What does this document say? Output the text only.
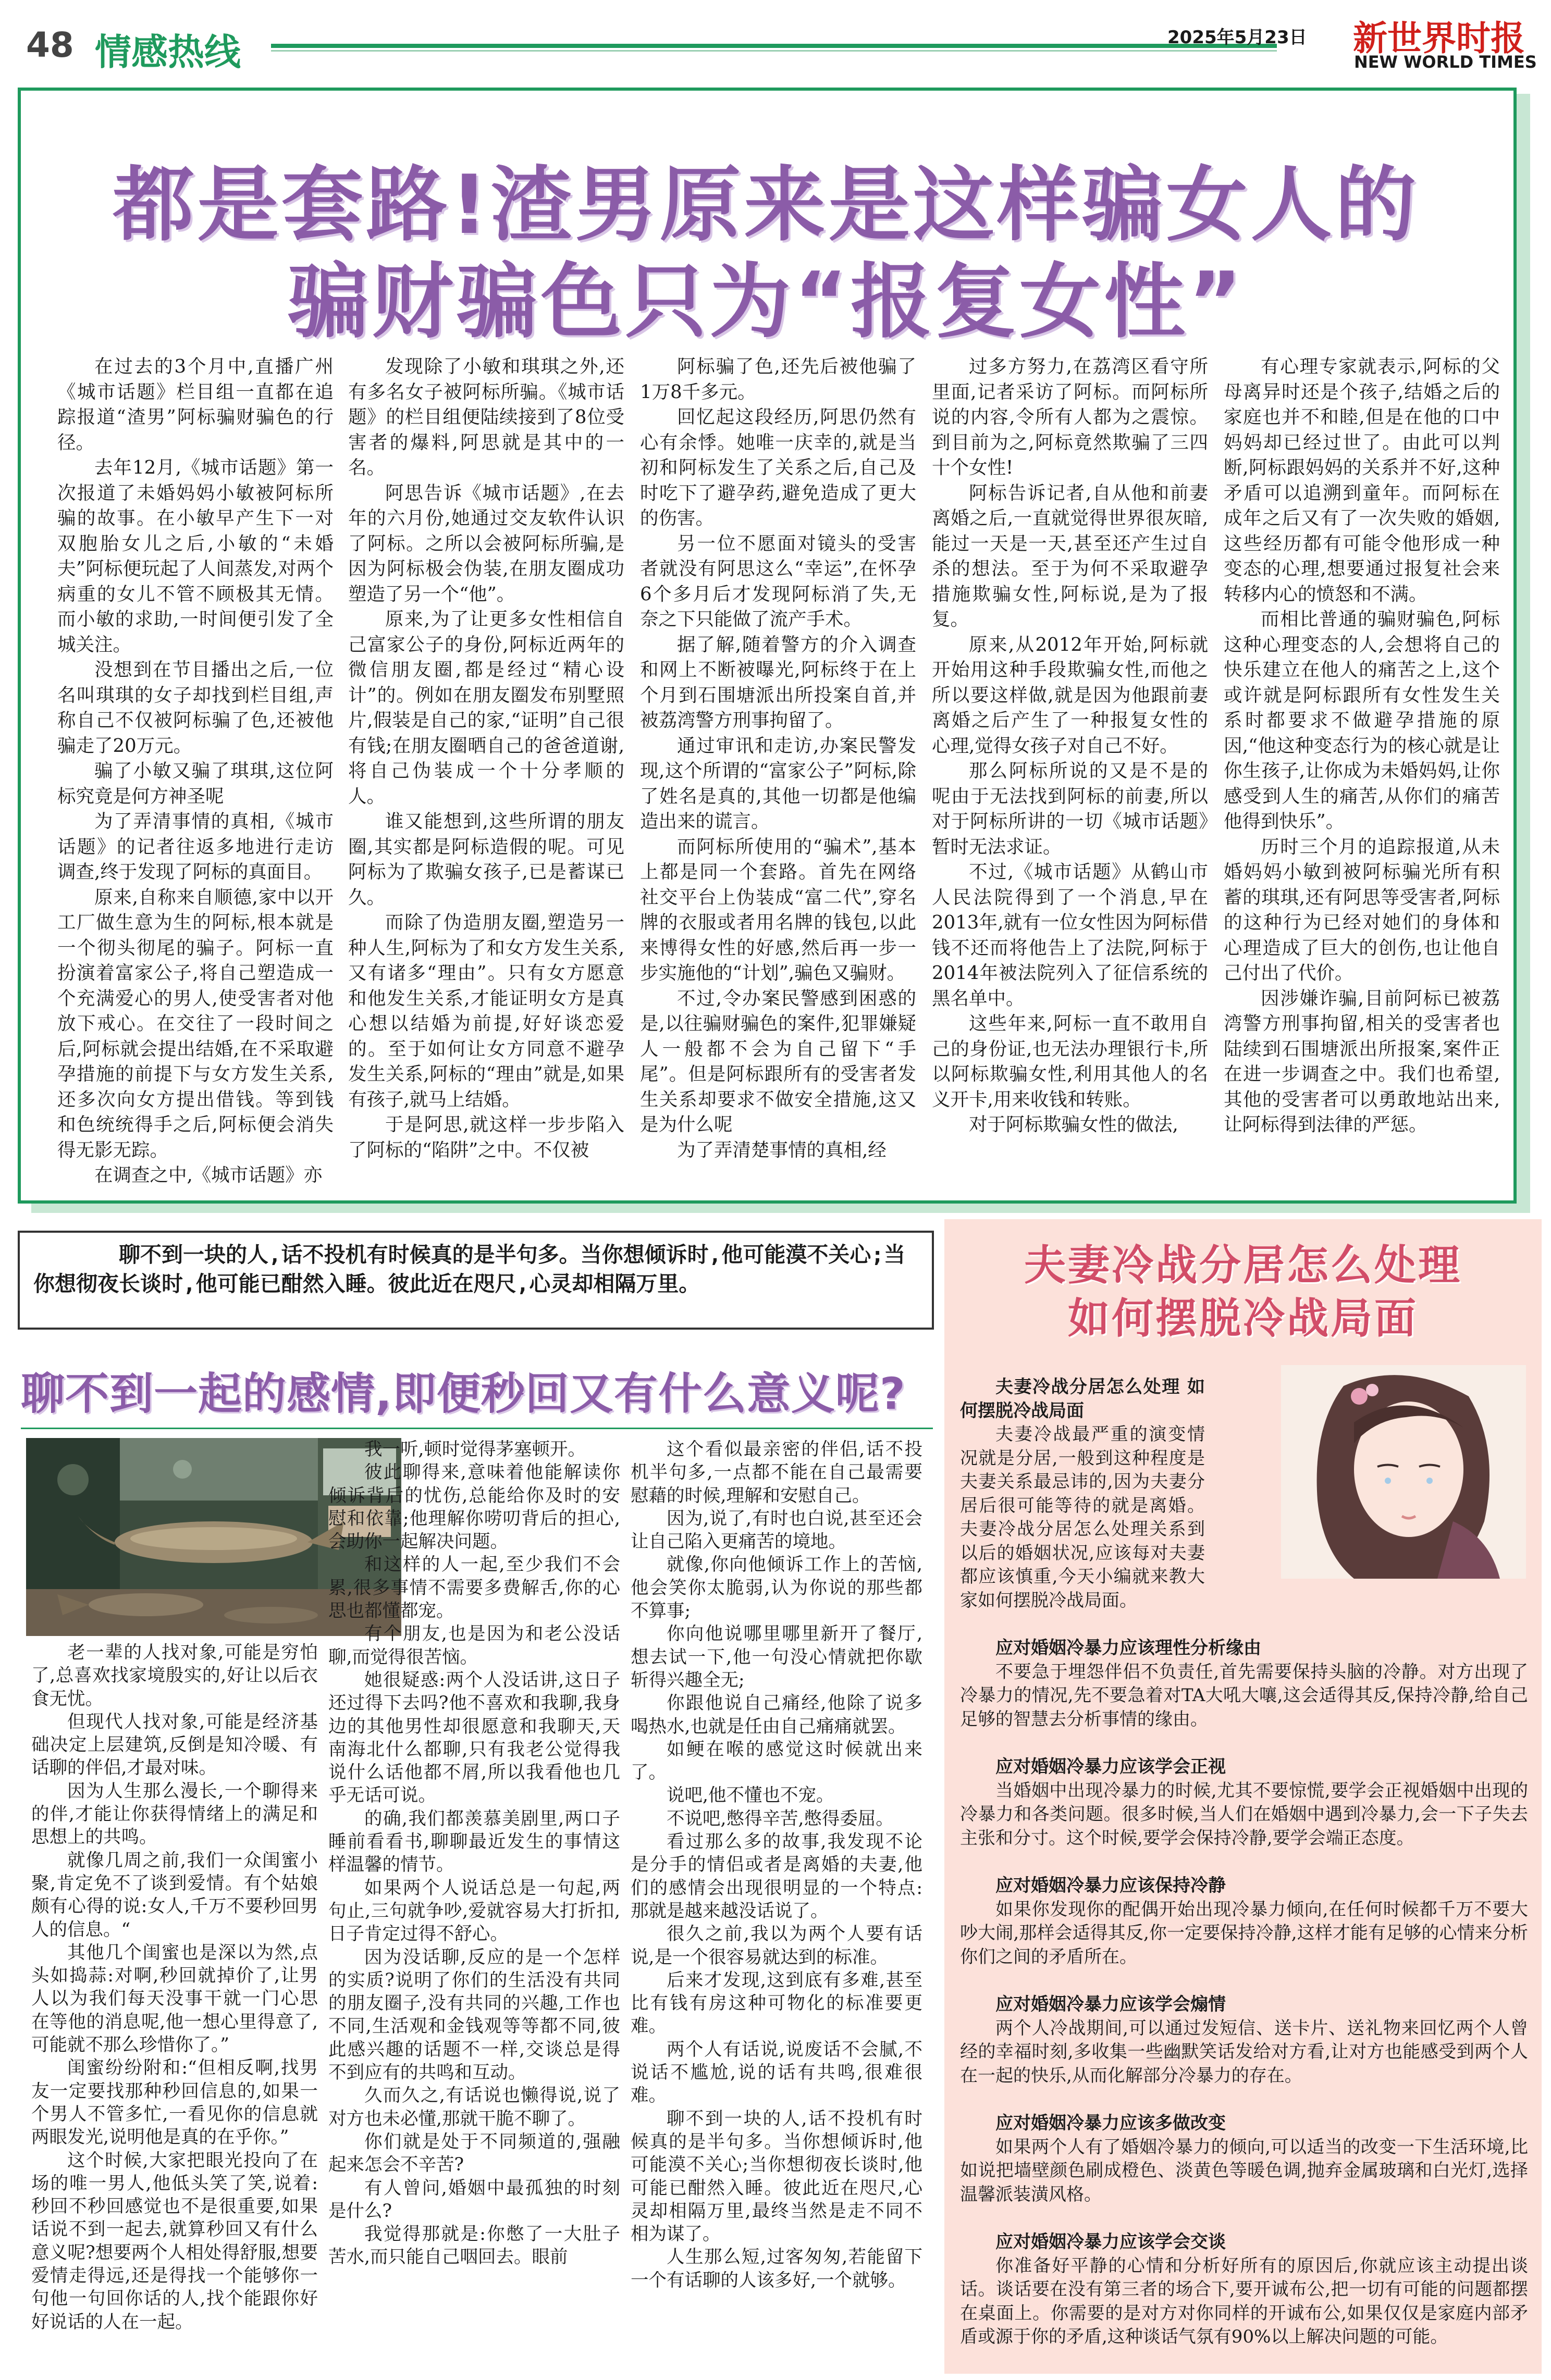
48 情感热线	2025年5月23日 新世界时报
NEW WORLD TIMES
都是套路!渣男原来是这样骗女人的
骗财骗色只为“报复女性”

在过去的3个月中,直播广州《城市话题》栏目组一直都在追踪报道“渣男”阿标骗财骗色的行径。

去年12月,《城市话题》第一次报道了未婚妈妈小敏被阿标所骗的故事。在小敏早产生下一对双胞胎女儿之后,小敏的“未婚夫”阿标便玩起了人间蒸发,对两个病重的女儿不管不顾极其无情。而小敏的求助,一时间便引发了全城关注。

没想到在节目播出之后,一位名叫琪琪的女子却找到栏目组,声称自己不仅被阿标骗了色,还被他骗走了20万元。

骗了小敏又骗了琪琪,这位阿标究竟是何方神圣呢

为了弄清事情的真相,《城市话题》的记者往返多地进行走访调查,终于发现了阿标的真面目。

原来,自称来自顺德,家中以开工厂做生意为生的阿标,根本就是一个彻头彻尾的骗子。阿标一直扮演着富家公子,将自己塑造成一个充满爱心的男人,使受害者对他放下戒心。在交往了一段时间之后,阿标就会提出结婚,在不采取避孕措施的前提下与女方发生关系,还多次向女方提出借钱。等到钱和色统统得手之后,阿标便会消失得无影无踪。

在调查之中,《城市话题》亦

发现除了小敏和琪琪之外,还有多名女子被阿标所骗。《城市话题》的栏目组便陆续接到了8位受害者的爆料,阿思就是其中的一名。

阿思告诉《城市话题》,在去年的六月份,她通过交友软件认识了阿标。之所以会被阿标所骗,是因为阿标极会伪装,在朋友圈成功塑造了另一个“他”。

原来,为了让更多女性相信自己富家公子的身份,阿标近两年的微信朋友圈,都是经过“精心设计”的。例如在朋友圈发布别墅照片,假装是自己的家,“证明”自己很有钱;在朋友圈晒自己的爸爸道谢,将自己伪装成一个十分孝顺的人。

谁又能想到,这些所谓的朋友圈,其实都是阿标造假的呢。可见阿标为了欺骗女孩子,已是蓄谋已久。

而除了伪造朋友圈,塑造另一种人生,阿标为了和女方发生关系,又有诸多“理由”。只有女方愿意和他发生关系,才能证明女方是真心想以结婚为前提,好好谈恋爱的。至于如何让女方同意不避孕发生关系,阿标的“理由”就是,如果有孩子,就马上结婚。

于是阿思,就这样一步步陷入了阿标的“陷阱”之中。不仅被

阿标骗了色,还先后被他骗了1万8千多元。

回忆起这段经历,阿思仍然有心有余悸。她唯一庆幸的,就是当初和阿标发生了关系之后,自己及时吃下了避孕药,避免造成了更大的伤害。

另一位不愿面对镜头的受害者就没有阿思这么“幸运”,在怀孕6个多月后才发现阿标消了失,无奈之下只能做了流产手术。

据了解,随着警方的介入调查和网上不断被曝光,阿标终于在上个月到石围塘派出所投案自首,并被荔湾警方刑事拘留了。

通过审讯和走访,办案民警发现,这个所谓的“富家公子”阿标,除了姓名是真的,其他一切都是他编造出来的谎言。

而阿标所使用的“骗术”,基本上都是同一个套路。首先在网络社交平台上伪装成“富二代”,穿名牌的衣服或者用名牌的钱包,以此来博得女性的好感,然后再一步一步实施他的“计划”,骗色又骗财。

不过,令办案民警感到困惑的是,以往骗财骗色的案件,犯罪嫌疑人一般都不会为自己留下“手尾”。但是阿标跟所有的受害者发生关系却要求不做安全措施,这又是为什么呢

为了弄清楚事情的真相,经

过多方努力,在荔湾区看守所里面,记者采访了阿标。而阿标所说的内容,令所有人都为之震惊。到目前为之,阿标竟然欺骗了三四十个女性!

阿标告诉记者,自从他和前妻离婚之后,一直就觉得世界很灰暗,能过一天是一天,甚至还产生过自杀的想法。至于为何不采取避孕措施欺骗女性,阿标说,是为了报复。

原来,从2012年开始,阿标就开始用这种手段欺骗女性,而他之所以要这样做,就是因为他跟前妻离婚之后产生了一种报复女性的心理,觉得女孩子对自己不好。

那么阿标所说的又是不是的呢由于无法找到阿标的前妻,所以对于阿标所讲的一切《城市话题》暂时无法求证。

不过,《城市话题》从鹤山市人民法院得到了一个消息,早在2013年,就有一位女性因为阿标借钱不还而将他告上了法院,阿标于2014年被法院列入了征信系统的黑名单中。

这些年来,阿标一直不敢用自己的身份证,也无法办理银行卡,所以阿标欺骗女性,利用其他人的名义开卡,用来收钱和转账。

对于阿标欺骗女性的做法,

有心理专家就表示,阿标的父母离异时还是个孩子,结婚之后的家庭也并不和睦,但是在他的口中妈妈却已经过世了。由此可以判断,阿标跟妈妈的关系并不好,这种矛盾可以追溯到童年。而阿标在成年之后又有了一次失败的婚姻,这些经历都有可能令他形成一种变态的心理,想要通过报复社会来转移内心的愤怒和不满。

而相比普通的骗财骗色,阿标这种心理变态的人,会想将自己的快乐建立在他人的痛苦之上,这个或许就是阿标跟所有女性发生关系时都要求不做避孕措施的原因,“他这种变态行为的核心就是让你生孩子,让你成为未婚妈妈,让你感受到人生的痛苦,从你们的痛苦他得到快乐”。

历时三个月的追踪报道,从未婚妈妈小敏到被阿标骗光所有积蓄的琪琪,还有阿思等受害者,阿标的这种行为已经对她们的身体和心理造成了巨大的创伤,也让他自己付出了代价。

因涉嫌诈骗,目前阿标已被荔湾警方刑事拘留,相关的受害者也陆续到石围塘派出所报案,案件正在进一步调查之中。我们也希望,其他的受害者可以勇敢地站出来,让阿标得到法律的严惩。

聊不到一块的人,话不投机有时候真的是半句多。当你想倾诉时,他可能漠不关心;当你想彻夜长谈时,他可能已酣然入睡。彼此近在咫尺,心灵却相隔万里。
聊不到一起的感情,即便秒回又有什么意义呢?

老一辈的人找对象,可能是穷怕了,总喜欢找家境殷实的,好让以后衣食无忧。

但现代人找对象,可能是经济基础决定上层建筑,反倒是知冷暖、有话聊的伴侣,才最对味。

因为人生那么漫长,一个聊得来的伴,才能让你获得情绪上的满足和思想上的共鸣。

就像几周之前,我们一众闺蜜小聚,肯定免不了谈到爱情。有个姑娘颇有心得的说:女人,千万不要秒回男人的信息。“

其他几个闺蜜也是深以为然,点头如捣蒜:对啊,秒回就掉价了,让男人以为我们每天没事干就一门心思在等他的消息呢,他一想心里得意了,可能就不那么珍惜你了。”

闺蜜纷纷附和:“但相反啊,找男友一定要找那种秒回信息的,如果一个男人不管多忙,一看见你的信息就两眼发光,说明他是真的在乎你。”

这个时候,大家把眼光投向了在场的唯一男人,他低头笑了笑,说着:秒回不秒回感觉也不是很重要,如果话说不到一起去,就算秒回又有什么意义呢?想要两个人相处得舒服,想要爱情走得远,还是得找一个能够你一句他一句回你话的人,找个能跟你好好说话的人在一起。

我一听,顿时觉得茅塞顿开。

彼此聊得来,意味着他能解读你倾诉背后的忧伤,总能给你及时的安慰和依靠;他理解你唠叨背后的担心,会助你一起解决问题。

和这样的人一起,至少我们不会累,很多事情不需要多费解舌,你的心思也都懂都宠。

有个朋友,也是因为和老公没话聊,而觉得很苦恼。

她很疑惑:两个人没话讲,这日子还过得下去吗?他不喜欢和我聊,我身边的其他男性却很愿意和我聊天,天南海北什么都聊,只有我老公觉得我说什么话他都不屑,所以我看他也几乎无话可说。

的确,我们都羡慕美剧里,两口子睡前看看书,聊聊最近发生的事情这样温馨的情节。

如果两个人说话总是一句起,两句止,三句就争吵,爱就容易大打折扣,日子肯定过得不舒心。

因为没话聊,反应的是一个怎样的实质?说明了你们的生活没有共同的朋友圈子,没有共同的兴趣,工作也不同,生活观和金钱观等等都不同,彼此感兴趣的话题不一样,交谈总是得不到应有的共鸣和互动。

久而久之,有话说也懒得说,说了对方也未必懂,那就干脆不聊了。

你们就是处于不同频道的,强融起来怎会不辛苦?

有人曾问,婚姻中最孤独的时刻是什么?

我觉得那就是:你憋了一大肚子苦水,而只能自己咽回去。眼前

这个看似最亲密的伴侣,话不投机半句多,一点都不能在自己最需要慰藉的时候,理解和安慰自己。

因为,说了,有时也白说,甚至还会让自己陷入更痛苦的境地。

就像,你向他倾诉工作上的苦恼,他会笑你太脆弱,认为你说的那些都不算事;

你向他说哪里哪里新开了餐厅,想去试一下,他一句没心情就把你歇斩得兴趣全无;

你跟他说自己痛经,他除了说多喝热水,也就是任由自己痛痛就罢。

如鲠在喉的感觉这时候就出来了。

说吧,他不懂也不宠。

不说吧,憋得辛苦,憋得委屈。

看过那么多的故事,我发现不论是分手的情侣或者是离婚的夫妻,他们的感情会出现很明显的一个特点:那就是越来越没话说了。

很久之前,我以为两个人要有话说,是一个很容易就达到的标准。

后来才发现,这到底有多难,甚至比有钱有房这种可物化的标准要更难。

两个人有话说,说废话不会腻,不说话不尴尬,说的话有共鸣,很难很难。

聊不到一块的人,话不投机有时候真的是半句多。当你想倾诉时,他可能漠不关心;当你想彻夜长谈时,他可能已酣然入睡。彼此近在咫尺,心灵却相隔万里,最终当然是走不同不相为谋了。

人生那么短,过客匆匆,若能留下一个有话聊的人该多好,一个就够。

夫妻冷战分居怎么处理
如何摆脱冷战局面

夫妻冷战分居怎么处理 如何摆脱冷战局面

夫妻冷战最严重的演变情况就是分居,一般到这种程度是夫妻关系最忌讳的,因为夫妻分居后很可能等待的就是离婚。夫妻冷战分居怎么处理关系到以后的婚姻状况,应该每对夫妻都应该慎重,今天小编就来教大家如何摆脱冷战局面。

应对婚姻冷暴力应该理性分析缘由

不要急于埋怨伴侣不负责任,首先需要保持头脑的冷静。对方出现了冷暴力的情况,先不要急着对TA大吼大嚷,这会适得其反,保持冷静,给自己足够的智慧去分析事情的缘由。

应对婚姻冷暴力应该学会正视

当婚姻中出现冷暴力的时候,尤其不要惊慌,要学会正视婚姻中出现的冷暴力和各类问题。很多时候,当人们在婚姻中遇到冷暴力,会一下子失去主张和分寸。这个时候,要学会保持冷静,要学会端正态度。

应对婚姻冷暴力应该保持冷静

如果你发现你的配偶开始出现冷暴力倾向,在任何时候都千万不要大吵大闹,那样会适得其反,你一定要保持冷静,这样才能有足够的心情来分析你们之间的矛盾所在。

应对婚姻冷暴力应该学会煽情

两个人冷战期间,可以通过发短信、送卡片、送礼物来回忆两个人曾经的幸福时刻,多收集一些幽默笑话发给对方看,让对方也能感受到两个人在一起的快乐,从而化解部分冷暴力的存在。

应对婚姻冷暴力应该多做改变

如果两个人有了婚姻冷暴力的倾向,可以适当的改变一下生活环境,比如说把墙壁颜色刷成橙色、淡黄色等暖色调,抛弃金属玻璃和白光灯,选择温馨派装潢风格。

应对婚姻冷暴力应该学会交谈

你准备好平静的心情和分析好所有的原因后,你就应该主动提出谈话。谈话要在没有第三者的场合下,要开诚布公,把一切有可能的问题都摆在桌面上。你需要的是对方对你同样的开诚布公,如果仅仅是家庭内部矛盾或源于你的矛盾,这种谈话气氛有90%以上解决问题的可能。
